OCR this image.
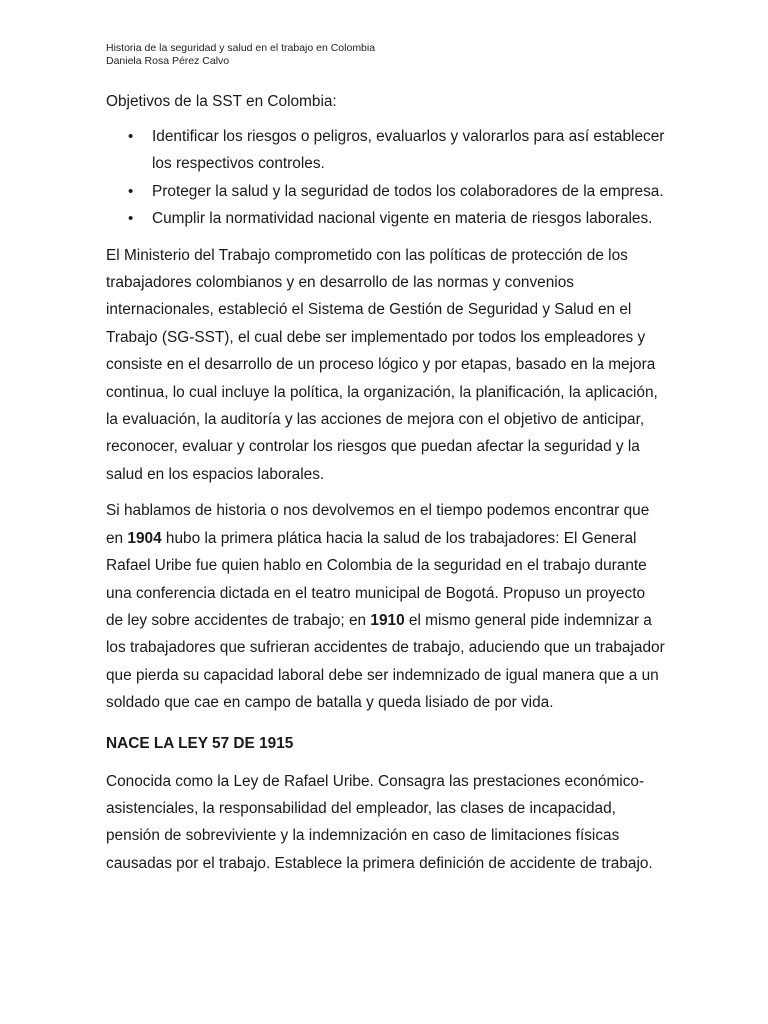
Historia de la seguridad y salud en el trabajo en Colombia
Daniela Rosa Pérez Calvo
Objetivos de la SST en Colombia:
• Identificar los riesgos o peligros, evaluarlos y valorarlos para así establecer los respectivos controles.
• Proteger la salud y la seguridad de todos los colaboradores de la empresa.
• Cumplir la normatividad nacional vigente en materia de riesgos laborales.

El Ministerio del Trabajo comprometido con las políticas de protección de los trabajadores colombianos y en desarrollo de las normas y convenios internacionales, estableció el Sistema de Gestión de Seguridad y Salud en el Trabajo (SG-SST), el cual debe ser implementado por todos los empleadores y consiste en el desarrollo de un proceso lógico y por etapas, basado en la mejora continua, lo cual incluye la política, la organización, la planificación, la aplicación, la evaluación, la auditoría y las acciones de mejora con el objetivo de anticipar, reconocer, evaluar y controlar los riesgos que puedan afectar la seguridad y la salud en los espacios laborales.

Si hablamos de historia o nos devolvemos en el tiempo podemos encontrar que en 1904 hubo la primera plática hacia la salud de los trabajadores: El General Rafael Uribe fue quien hablo en Colombia de la seguridad en el trabajo durante una conferencia dictada en el teatro municipal de Bogotá. Propuso un proyecto de ley sobre accidentes de trabajo; en 1910 el mismo general pide indemnizar a los trabajadores que sufrieran accidentes de trabajo, aduciendo que un trabajador que pierda su capacidad laboral debe ser indemnizado de igual manera que a un soldado que cae en campo de batalla y queda lisiado de por vida.

NACE LA LEY 57 DE 1915

Conocida como la Ley de Rafael Uribe. Consagra las prestaciones económico-asistenciales, la responsabilidad del empleador, las clases de incapacidad, pensión de sobreviviente y la indemnización en caso de limitaciones físicas causadas por el trabajo. Establece la primera definición de accidente de trabajo.
